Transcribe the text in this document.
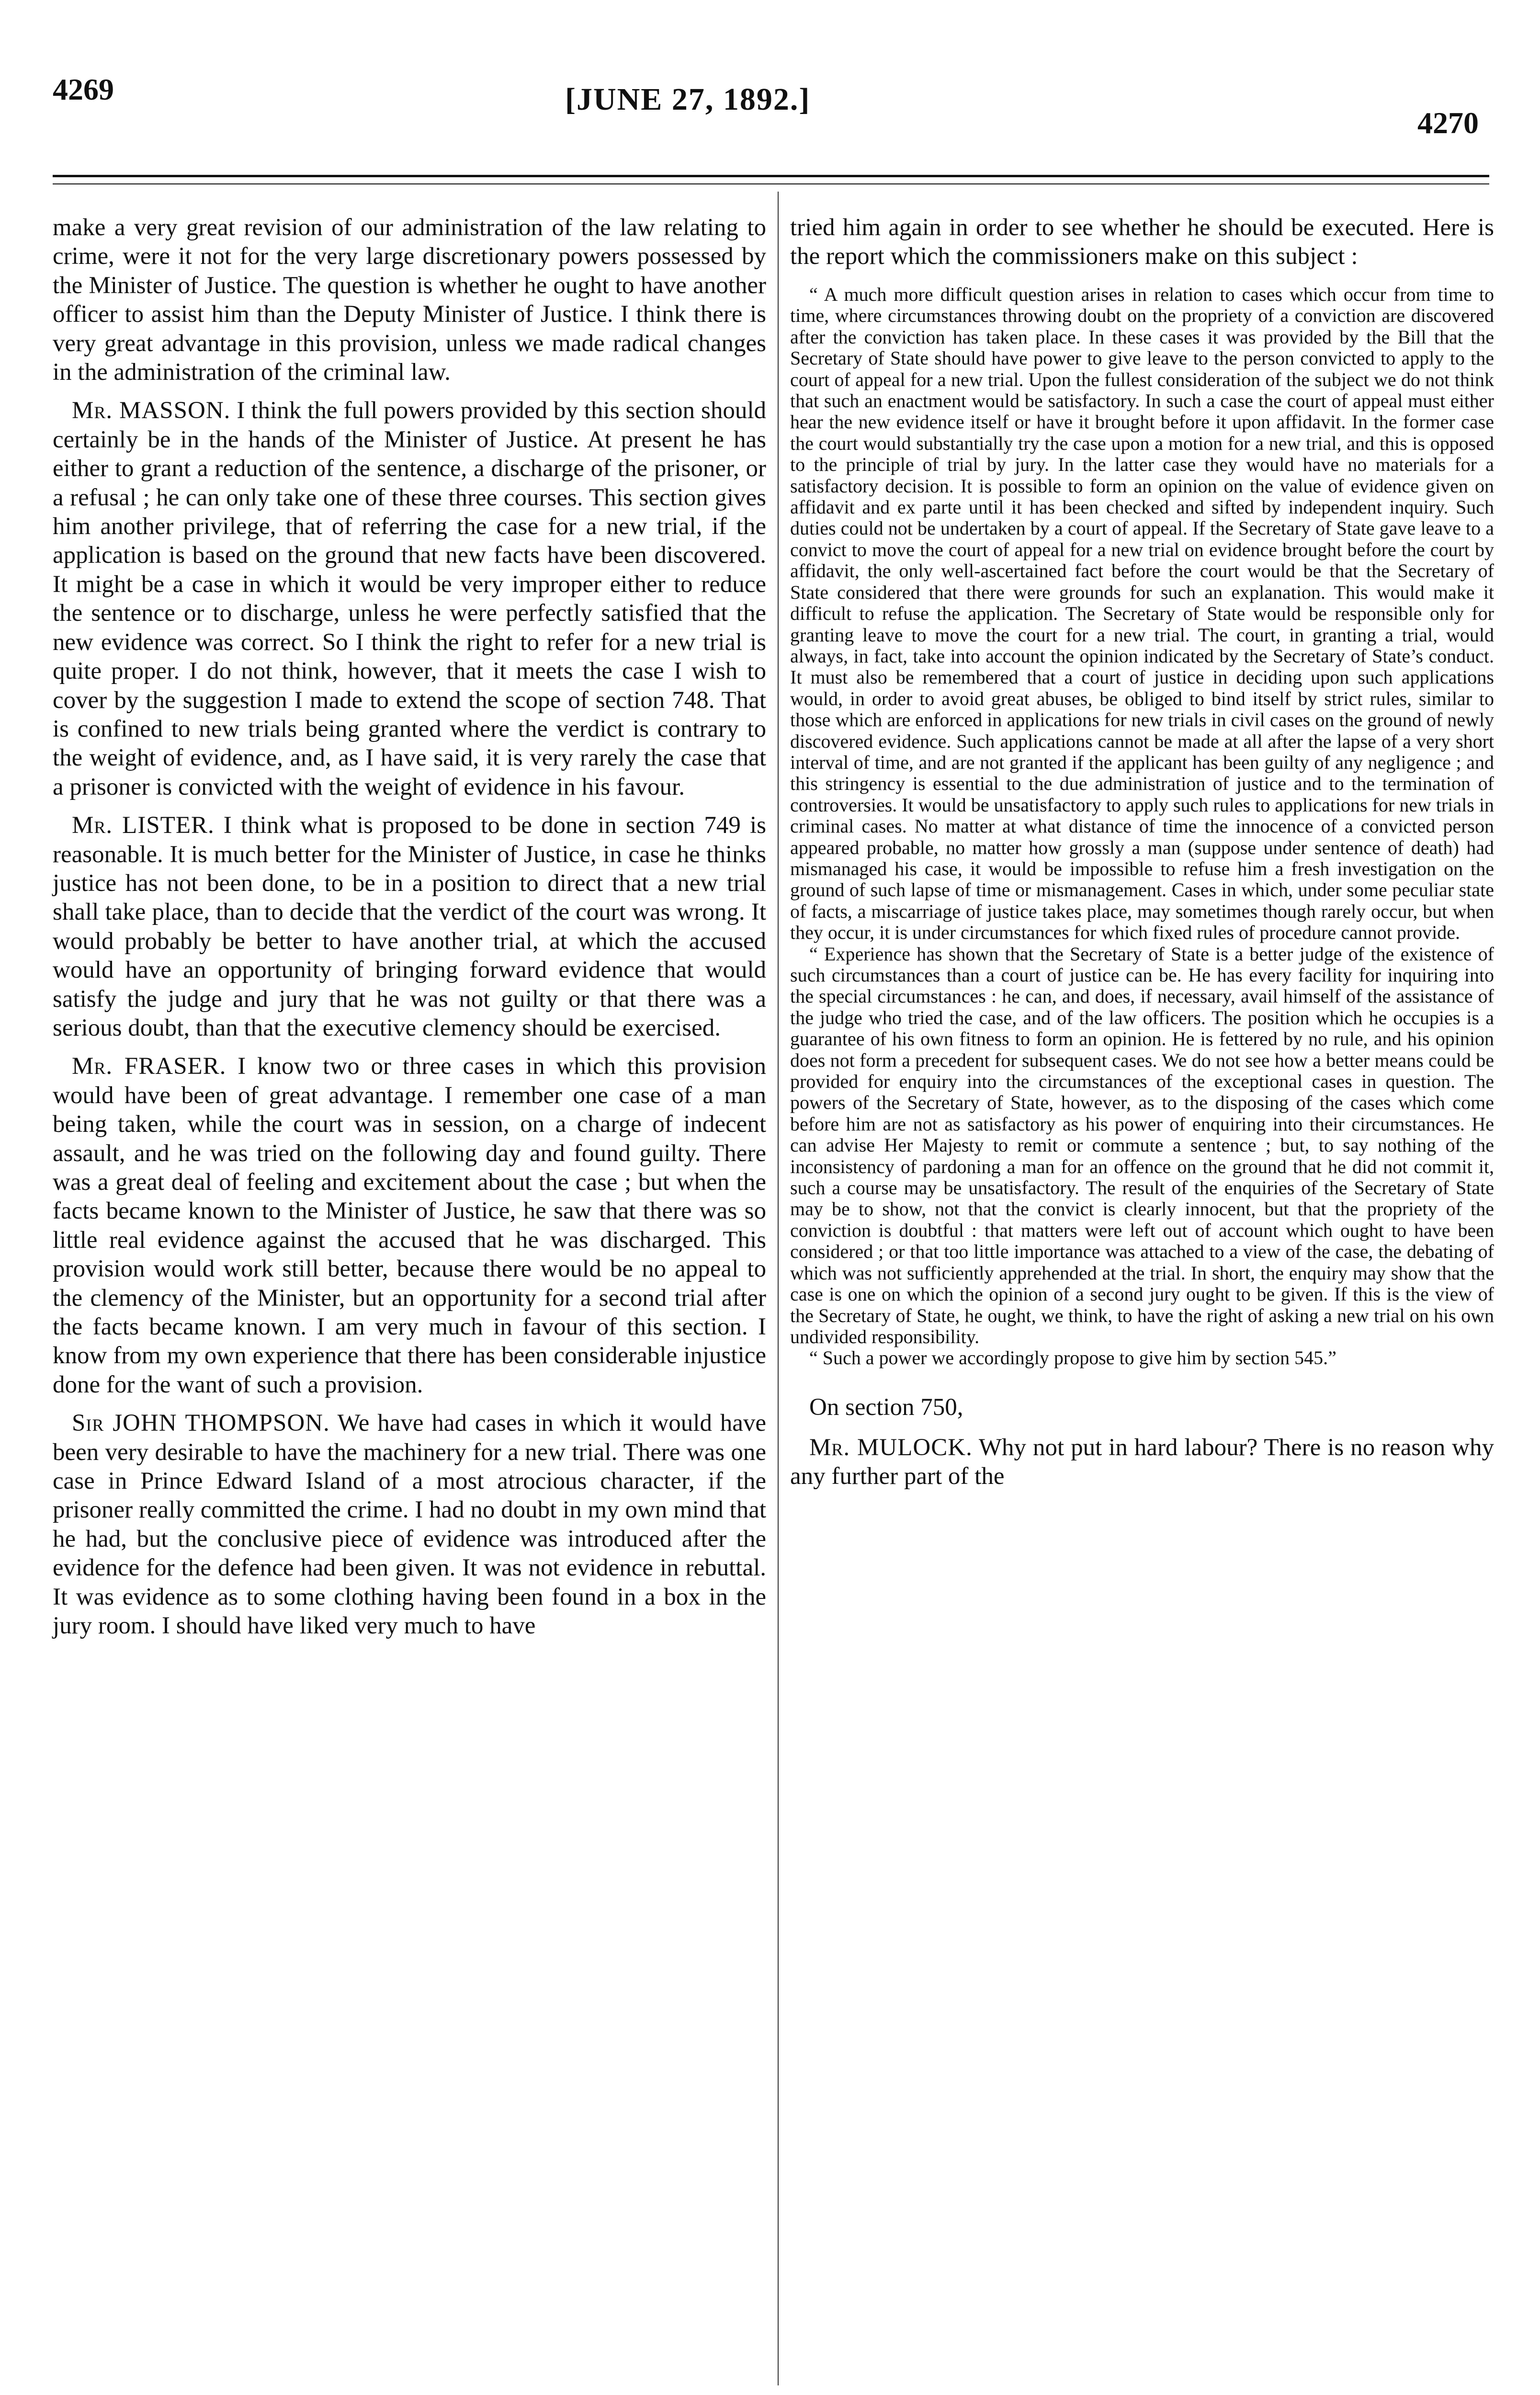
4269	[JUNE 27, 1892.]
4270

make a very great revision of our administration of the law relating to crime, were it not for the very large discretionary powers possessed by the Minister of Justice. The question is whether he ought to have another officer to assist him than the Deputy Minister of Justice. I think there is very great advantage in this provision, unless we made radical changes in the administration of the criminal law.

Mr. MASSON. I think the full powers provided by this section should certainly be in the hands of the Minister of Justice. At present he has either to grant a reduction of the sentence, a discharge of the prisoner, or a refusal ; he can only take one of these three courses. This section gives him another privilege, that of referring the case for a new trial, if the application is based on the ground that new facts have been discovered. It might be a case in which it would be very improper either to reduce the sentence or to discharge, unless he were perfectly satisfied that the new evidence was correct. So I think the right to refer for a new trial is quite proper. I do not think, however, that it meets the case I wish to cover by the suggestion I made to extend the scope of section 748. That is confined to new trials being granted where the verdict is contrary to the weight of evidence, and, as I have said, it is very rarely the case that a prisoner is convicted with the weight of evidence in his favour.

Mr. LISTER. I think what is proposed to be done in section 749 is reasonable. It is much better for the Minister of Justice, in case he thinks justice has not been done, to be in a position to direct that a new trial shall take place, than to decide that the verdict of the court was wrong. It would probably be better to have another trial, at which the accused would have an opportunity of bringing forward evidence that would satisfy the judge and jury that he was not guilty or that there was a serious doubt, than that the executive clemency should be exercised.

Mr. FRASER. I know two or three cases in which this provision would have been of great advantage. I remember one case of a man being taken, while the court was in session, on a charge of indecent assault, and he was tried on the following day and found guilty. There was a great deal of feeling and excitement about the case ; but when the facts became known to the Minister of Justice, he saw that there was so little real evidence against the accused that he was discharged. This provision would work still better, because there would be no appeal to the clemency of the Minister, but an opportunity for a second trial after the facts became known. I am very much in favour of this section. I know from my own experience that there has been considerable injustice done for the want of such a provision.

Sir JOHN THOMPSON. We have had cases in which it would have been very desirable to have the machinery for a new trial. There was one case in Prince Edward Island of a most atrocious character, if the prisoner really committed the crime. I had no doubt in my own mind that he had, but the conclusive piece of evidence was introduced after the evidence for the defence had been given. It was not evidence in rebuttal. It was evidence as to some clothing having been found in a box in the jury room. I should have liked very much to have

tried him again in order to see whether he should be executed. Here is the report which the commissioners make on this subject :

“ A much more difficult question arises in relation to cases which occur from time to time, where circumstances throwing doubt on the propriety of a conviction are discovered after the conviction has taken place. In these cases it was provided by the Bill that the Secretary of State should have power to give leave to the person convicted to apply to the court of appeal for a new trial. Upon the fullest consideration of the subject we do not think that such an enactment would be satisfactory. In such a case the court of appeal must either hear the new evidence itself or have it brought before it upon affidavit. In the former case the court would substantially try the case upon a motion for a new trial, and this is opposed to the principle of trial by jury. In the latter case they would have no materials for a satisfactory decision. It is possible to form an opinion on the value of evidence given on affidavit and ex parte until it has been checked and sifted by independent inquiry. Such duties could not be undertaken by a court of appeal. If the Secretary of State gave leave to a convict to move the court of appeal for a new trial on evidence brought before the court by affidavit, the only well-ascertained fact before the court would be that the Secretary of State considered that there were grounds for such an explanation. This would make it difficult to refuse the application. The Secretary of State would be responsible only for granting leave to move the court for a new trial. The court, in granting a trial, would always, in fact, take into account the opinion indicated by the Secretary of State’s conduct. It must also be remembered that a court of justice in deciding upon such applications would, in order to avoid great abuses, be obliged to bind itself by strict rules, similar to those which are enforced in applications for new trials in civil cases on the ground of newly discovered evidence. Such applications cannot be made at all after the lapse of a very short interval of time, and are not granted if the applicant has been guilty of any negligence ; and this stringency is essential to the due administration of justice and to the termination of controversies. It would be unsatisfactory to apply such rules to applications for new trials in criminal cases. No matter at what distance of time the innocence of a convicted person appeared probable, no matter how grossly a man (suppose under sentence of death) had mismanaged his case, it would be impossible to refuse him a fresh investigation on the ground of such lapse of time or mismanagement. Cases in which, under some peculiar state of facts, a miscarriage of justice takes place, may sometimes though rarely occur, but when they occur, it is under circumstances for which fixed rules of procedure cannot provide.

“ Experience has shown that the Secretary of State is a better judge of the existence of such circumstances than a court of justice can be. He has every facility for inquiring into the special circumstances : he can, and does, if necessary, avail himself of the assistance of the judge who tried the case, and of the law officers. The position which he occupies is a guarantee of his own fitness to form an opinion. He is fettered by no rule, and his opinion does not form a precedent for subsequent cases. We do not see how a better means could be provided for enquiry into the circumstances of the exceptional cases in question. The powers of the Secretary of State, however, as to the disposing of the cases which come before him are not as satisfactory as his power of enquiring into their circumstances. He can advise Her Majesty to remit or commute a sentence ; but, to say nothing of the inconsistency of pardoning a man for an offence on the ground that he did not commit it, such a course may be unsatisfactory. The result of the enquiries of the Secretary of State may be to show, not that the convict is clearly innocent, but that the propriety of the conviction is doubtful : that matters were left out of account which ought to have been considered ; or that too little importance was attached to a view of the case, the debating of which was not sufficiently apprehended at the trial. In short, the enquiry may show that the case is one on which the opinion of a second jury ought to be given. If this is the view of the Secretary of State, he ought, we think, to have the right of asking a new trial on his own undivided responsibility.

“ Such a power we accordingly propose to give him by section 545.”

On section 750,

Mr. MULOCK. Why not put in hard labour? There is no reason why any further part of the
